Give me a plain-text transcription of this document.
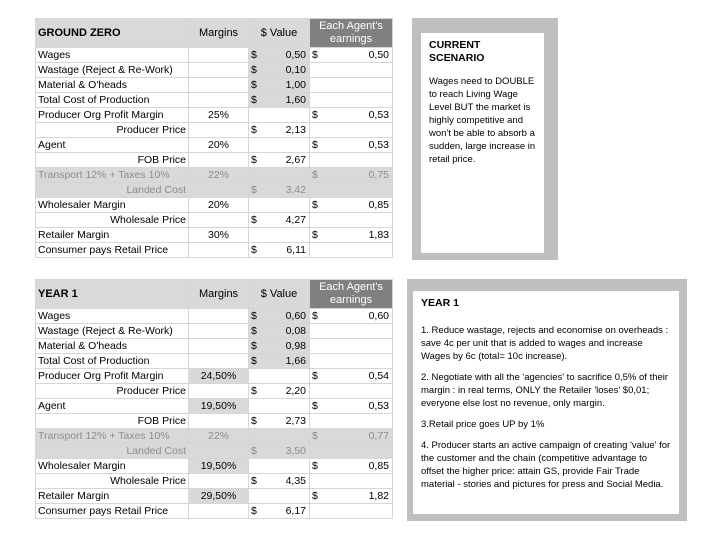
GROUND ZERO	Margins	$ Value	Each Agent's earnings
Wages		$ 0,50	$ 0,50

Wastage (Reject & Re-Work)		$ 0,10	

Material & O'heads		$ 1,00	

Total Cost of Production		$ 1,60	

Producer Org Profit Margin	25%		$ 0,53

Producer Price		$ 2,13	

Agent	20%		$ 0,53

FOB Price		$ 2,67	

Transport 12% + Taxes 10%	22%		$ 0,75

Landed Cost		$ 3,42	

Wholesaler Margin	20%		$ 0,85

Wholesale Price		$ 4,27	

Retailer Margin	30%		$ 1,83

Consumer pays Retail Price		$ 6,11	

YEAR 1	Margins	$ Value	Each Agent's earnings
Wages		$ 0,60	$ 0,60

Wastage (Reject & Re-Work)		$ 0,08	

Material & O'heads		$ 0,98	

Total Cost of Production		$ 1,66	

Producer Org Profit Margin	24,50%		$ 0,54

Producer Price		$ 2,20	

Agent	19,50%		$ 0,53

FOB Price		$ 2,73	

Transport 12% + Taxes 10%	22%		$ 0,77

Landed Cost		$ 3,50	

Wholesaler Margin	19,50%		$ 0,85

Wholesale Price		$ 4,35	

Retailer Margin	29,50%		$ 1,82

Consumer pays Retail Price		$ 6,17	

CURRENT SCENARIO
Wages need to DOUBLE to reach Living Wage Level BUT the market is highly competitive and won't be able to absorb a sudden, large increase in retail price.
YEAR 1

1. Reduce wastage, rejects and economise on overheads : save 4c per unit that is added to wages and increase Wages by 6c (total= 10c increase).

2. Negotiate with all the 'agencies' to sacrifice 0,5% of their margin : in real terms, ONLY the Retailer 'loses' $0,01; everyone else lost no revenue, only margin.

3.Retail price goes UP by 1%

4. Producer starts an active campaign of creating 'value' for the customer and the chain (competitive advantage to offset the higher price: attain GS, provide Fair Trade material - stories and pictures for press and Social Media.
